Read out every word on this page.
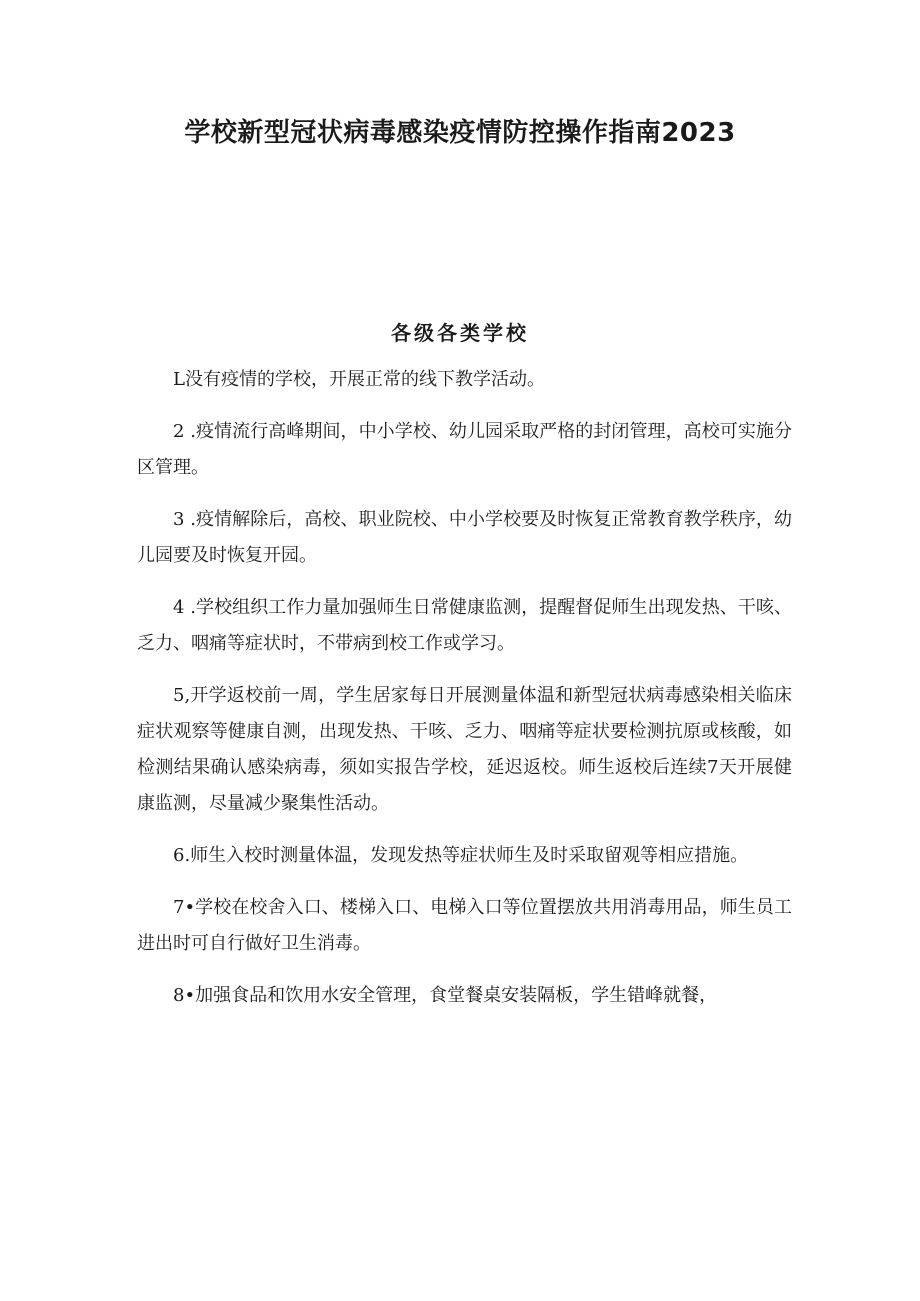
学校新型冠状病毒感染疫情防控操作指南2023
各级各类学校

L没有疫情的学校，开展正常的线下教学活动。

2 .疫情流行高峰期间，中小学校、幼儿园采取严格的封闭管理，高校可实施分区管理。

3 .疫情解除后，高校、职业院校、中小学校要及时恢复正常教育教学秩序，幼儿园要及时恢复开园。

4 .学校组织工作力量加强师生日常健康监测，提醒督促师生出现发热、干咳、乏力、咽痛等症状时，不带病到校工作或学习。

5,开学返校前一周，学生居家每日开展测量体温和新型冠状病毒感染相关临床症状观察等健康自测，出现发热、干咳、乏力、咽痛等症状要检测抗原或核酸，如检测结果确认感染病毒，须如实报告学校，延迟返校。师生返校后连续7天开展健康监测，尽量减少聚集性活动。

6.师生入校时测量体温，发现发热等症状师生及时采取留观等相应措施。

7•学校在校舍入口、楼梯入口、电梯入口等位置摆放共用消毒用品，师生员工进出时可自行做好卫生消毒。

8•加强食品和饮用水安全管理，食堂餐桌安装隔板，学生错峰就餐，
